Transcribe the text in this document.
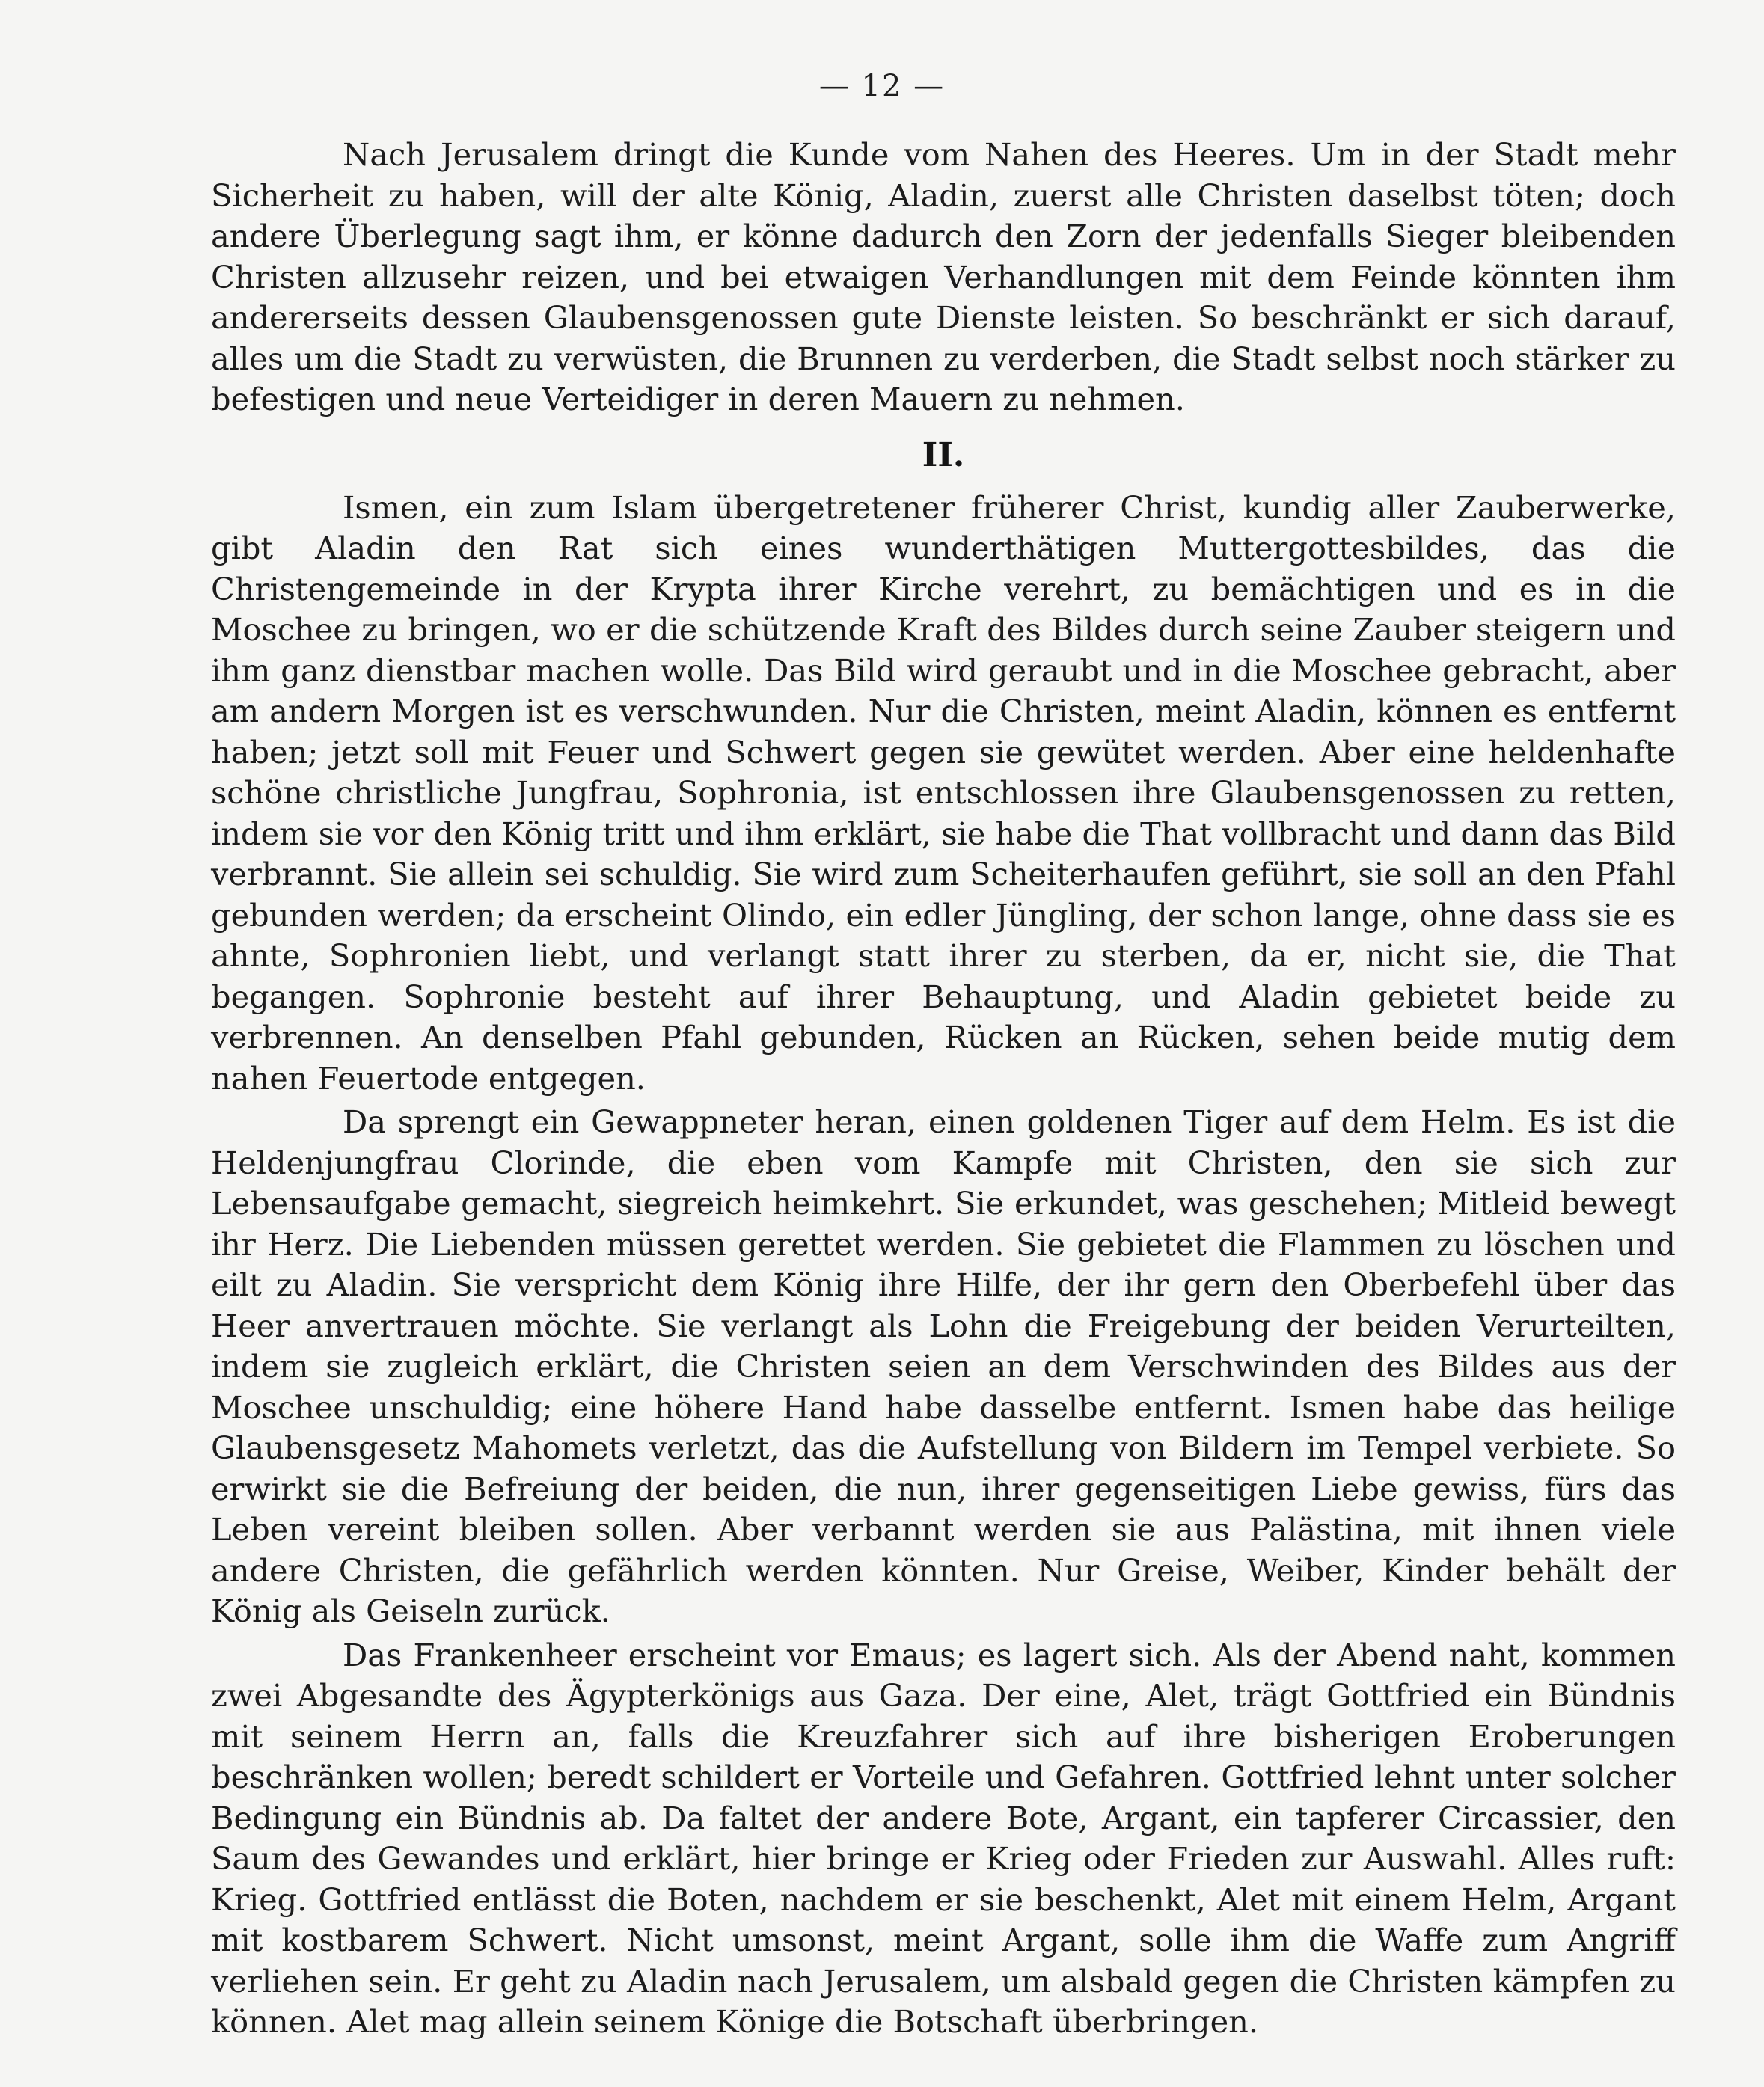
— 12 —

Nach Jerusalem dringt die Kunde vom Nahen des Heeres. Um in der Stadt mehr Sicherheit zu haben, will der alte König, Aladin, zuerst alle Christen daselbst töten; doch andere Überlegung sagt ihm, er könne dadurch den Zorn der jedenfalls Sieger bleibenden Christen allzusehr reizen, und bei etwaigen Verhandlungen mit dem Feinde könnten ihm andererseits dessen Glaubensgenossen gute Dienste leisten. So beschränkt er sich darauf, alles um die Stadt zu verwüsten, die Brunnen zu verderben, die Stadt selbst noch stärker zu befestigen und neue Verteidiger in deren Mauern zu nehmen.

II.

Ismen, ein zum Islam übergetretener früherer Christ, kundig aller Zauberwerke, gibt Aladin den Rat sich eines wunderthätigen Muttergottesbildes, das die Christengemeinde in der Krypta ihrer Kirche verehrt, zu bemächtigen und es in die Moschee zu bringen, wo er die schützende Kraft des Bildes durch seine Zauber steigern und ihm ganz dienstbar machen wolle. Das Bild wird geraubt und in die Moschee gebracht, aber am andern Morgen ist es verschwunden. Nur die Christen, meint Aladin, können es entfernt haben; jetzt soll mit Feuer und Schwert gegen sie gewütet werden. Aber eine heldenhafte schöne christliche Jungfrau, Sophronia, ist entschlossen ihre Glaubensgenossen zu retten, indem sie vor den König tritt und ihm erklärt, sie habe die That vollbracht und dann das Bild verbrannt. Sie allein sei schuldig. Sie wird zum Scheiterhaufen geführt, sie soll an den Pfahl gebunden werden; da erscheint Olindo, ein edler Jüngling, der schon lange, ohne dass sie es ahnte, Sophronien liebt, und verlangt statt ihrer zu sterben, da er, nicht sie, die That begangen. Sophronie besteht auf ihrer Behauptung, und Aladin gebietet beide zu verbrennen. An denselben Pfahl gebunden, Rücken an Rücken, sehen beide mutig dem nahen Feuertode entgegen.

Da sprengt ein Gewappneter heran, einen goldenen Tiger auf dem Helm. Es ist die Heldenjungfrau Clorinde, die eben vom Kampfe mit Christen, den sie sich zur Lebensaufgabe gemacht, siegreich heimkehrt. Sie erkundet, was geschehen; Mitleid bewegt ihr Herz. Die Liebenden müssen gerettet werden. Sie gebietet die Flammen zu löschen und eilt zu Aladin. Sie verspricht dem König ihre Hilfe, der ihr gern den Oberbefehl über das Heer anvertrauen möchte. Sie verlangt als Lohn die Freigebung der beiden Verurteilten, indem sie zugleich erklärt, die Christen seien an dem Verschwinden des Bildes aus der Moschee unschuldig; eine höhere Hand habe dasselbe entfernt. Ismen habe das heilige Glaubensgesetz Mahomets verletzt, das die Aufstellung von Bildern im Tempel verbiete. So erwirkt sie die Befreiung der beiden, die nun, ihrer gegenseitigen Liebe gewiss, fürs das Leben vereint bleiben sollen. Aber verbannt werden sie aus Palästina, mit ihnen viele andere Christen, die gefährlich werden könnten. Nur Greise, Weiber, Kinder behält der König als Geiseln zurück.

Das Frankenheer erscheint vor Emaus; es lagert sich. Als der Abend naht, kommen zwei Abgesandte des Ägypterkönigs aus Gaza. Der eine, Alet, trägt Gottfried ein Bündnis mit seinem Herrn an, falls die Kreuzfahrer sich auf ihre bisherigen Eroberungen beschränken wollen; beredt schildert er Vorteile und Gefahren. Gottfried lehnt unter solcher Bedingung ein Bündnis ab. Da faltet der andere Bote, Argant, ein tapferer Circassier, den Saum des Gewandes und erklärt, hier bringe er Krieg oder Frieden zur Auswahl. Alles ruft: Krieg. Gottfried entlässt die Boten, nachdem er sie beschenkt, Alet mit einem Helm, Argant mit kostbarem Schwert. Nicht umsonst, meint Argant, solle ihm die Waffe zum Angriff verliehen sein. Er geht zu Aladin nach Jerusalem, um alsbald gegen die Christen kämpfen zu können. Alet mag allein seinem Könige die Botschaft überbringen.
